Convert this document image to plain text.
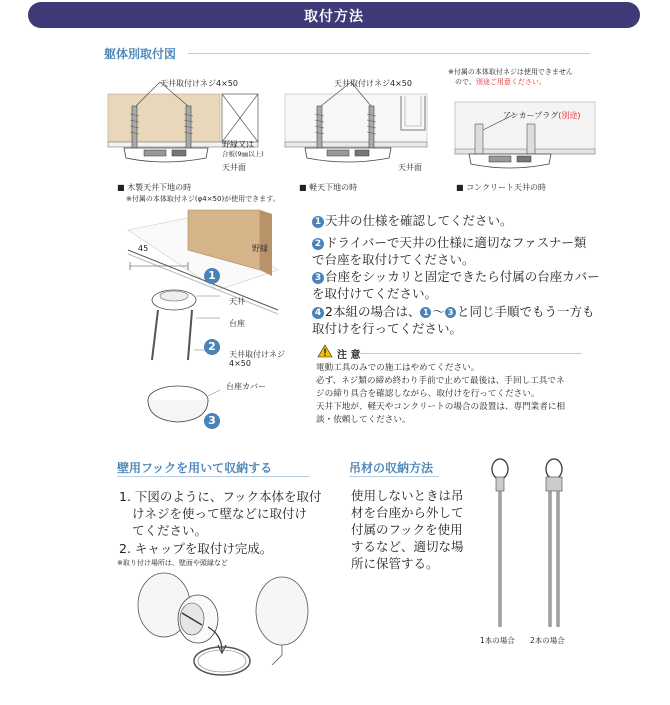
取付方法
躯体別取付図
天井取付けネジ4×50
野縁又は
合板(9㎜以上)
天井面
■ 木製天井下地の時
※付属の本体取付ネジ(φ4×50)が使用できます。
天井取付けネジ4×50
天井面
■ 軽天下地の時
※付属の本体取付ネジは使用できません
ので、別途ご用意ください。
アンカープラグ(別途)
■ コンクリート天井の時
45	野縁
天井
台座
天井取付けネジ
4×50
台座カバー
1
2
3
1 天井の仕様を確認してください。
2 ドライバーで天井の仕様に適切なファスナー類
で台座を取付けてください。
3 台座をシッカリと固定できたら付属の台座カバー
を取付けてください。
4 2本組の場合は、 1 ～ 3 と同じ手順でもう一方も
取付けを行ってください。
注 意
電動工具のみでの施工はやめてください。
必ず、ネジ類の締め終わり手前で止めて最後は、手回し工具でネ
ジの締り具合を確認しながら、取付けを行ってください。
天井下地が、軽天やコンクリートの場合の設置は、専門業者に相
談・依頼してください。
壁用フックを用いて収納する
1. 下図のように、フック本体を取付
けネジを使って壁などに取付け
てください。
2. キャップを取付け完成。
※取り付け場所は、壁面や頭縁など
吊材の収納方法
使用しないときは吊
材を台座から外して
付属のフックを使用
するなど、適切な場
所に保管する。
1本の場合 2本の場合
